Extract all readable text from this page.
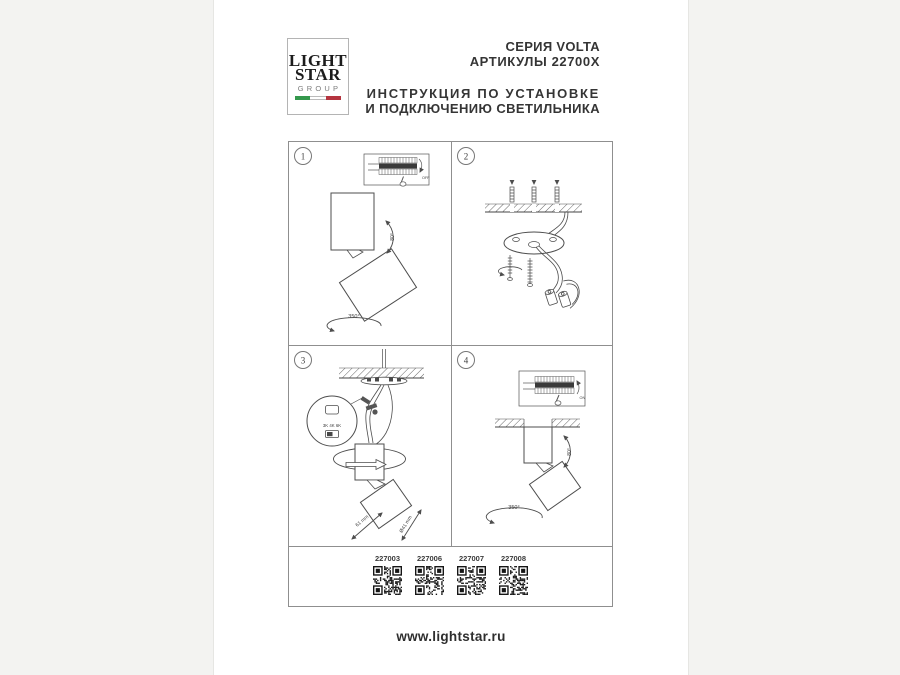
LIGHT
STAR
GROUP
СЕРИЯ VOLTA
АРТИКУЛЫ 22700X
ИНСТРУКЦИЯ ПО УСТАНОВКЕ
И ПОДКЛЮЧЕНИЮ СВЕТИЛЬНИКА
1
OFF
80°
350°
2
3
3K 4K 6K
61 mm	Ø41 mm
4
ON
80°
350°
227003	227006	227007	227008
www.lightstar.ru
